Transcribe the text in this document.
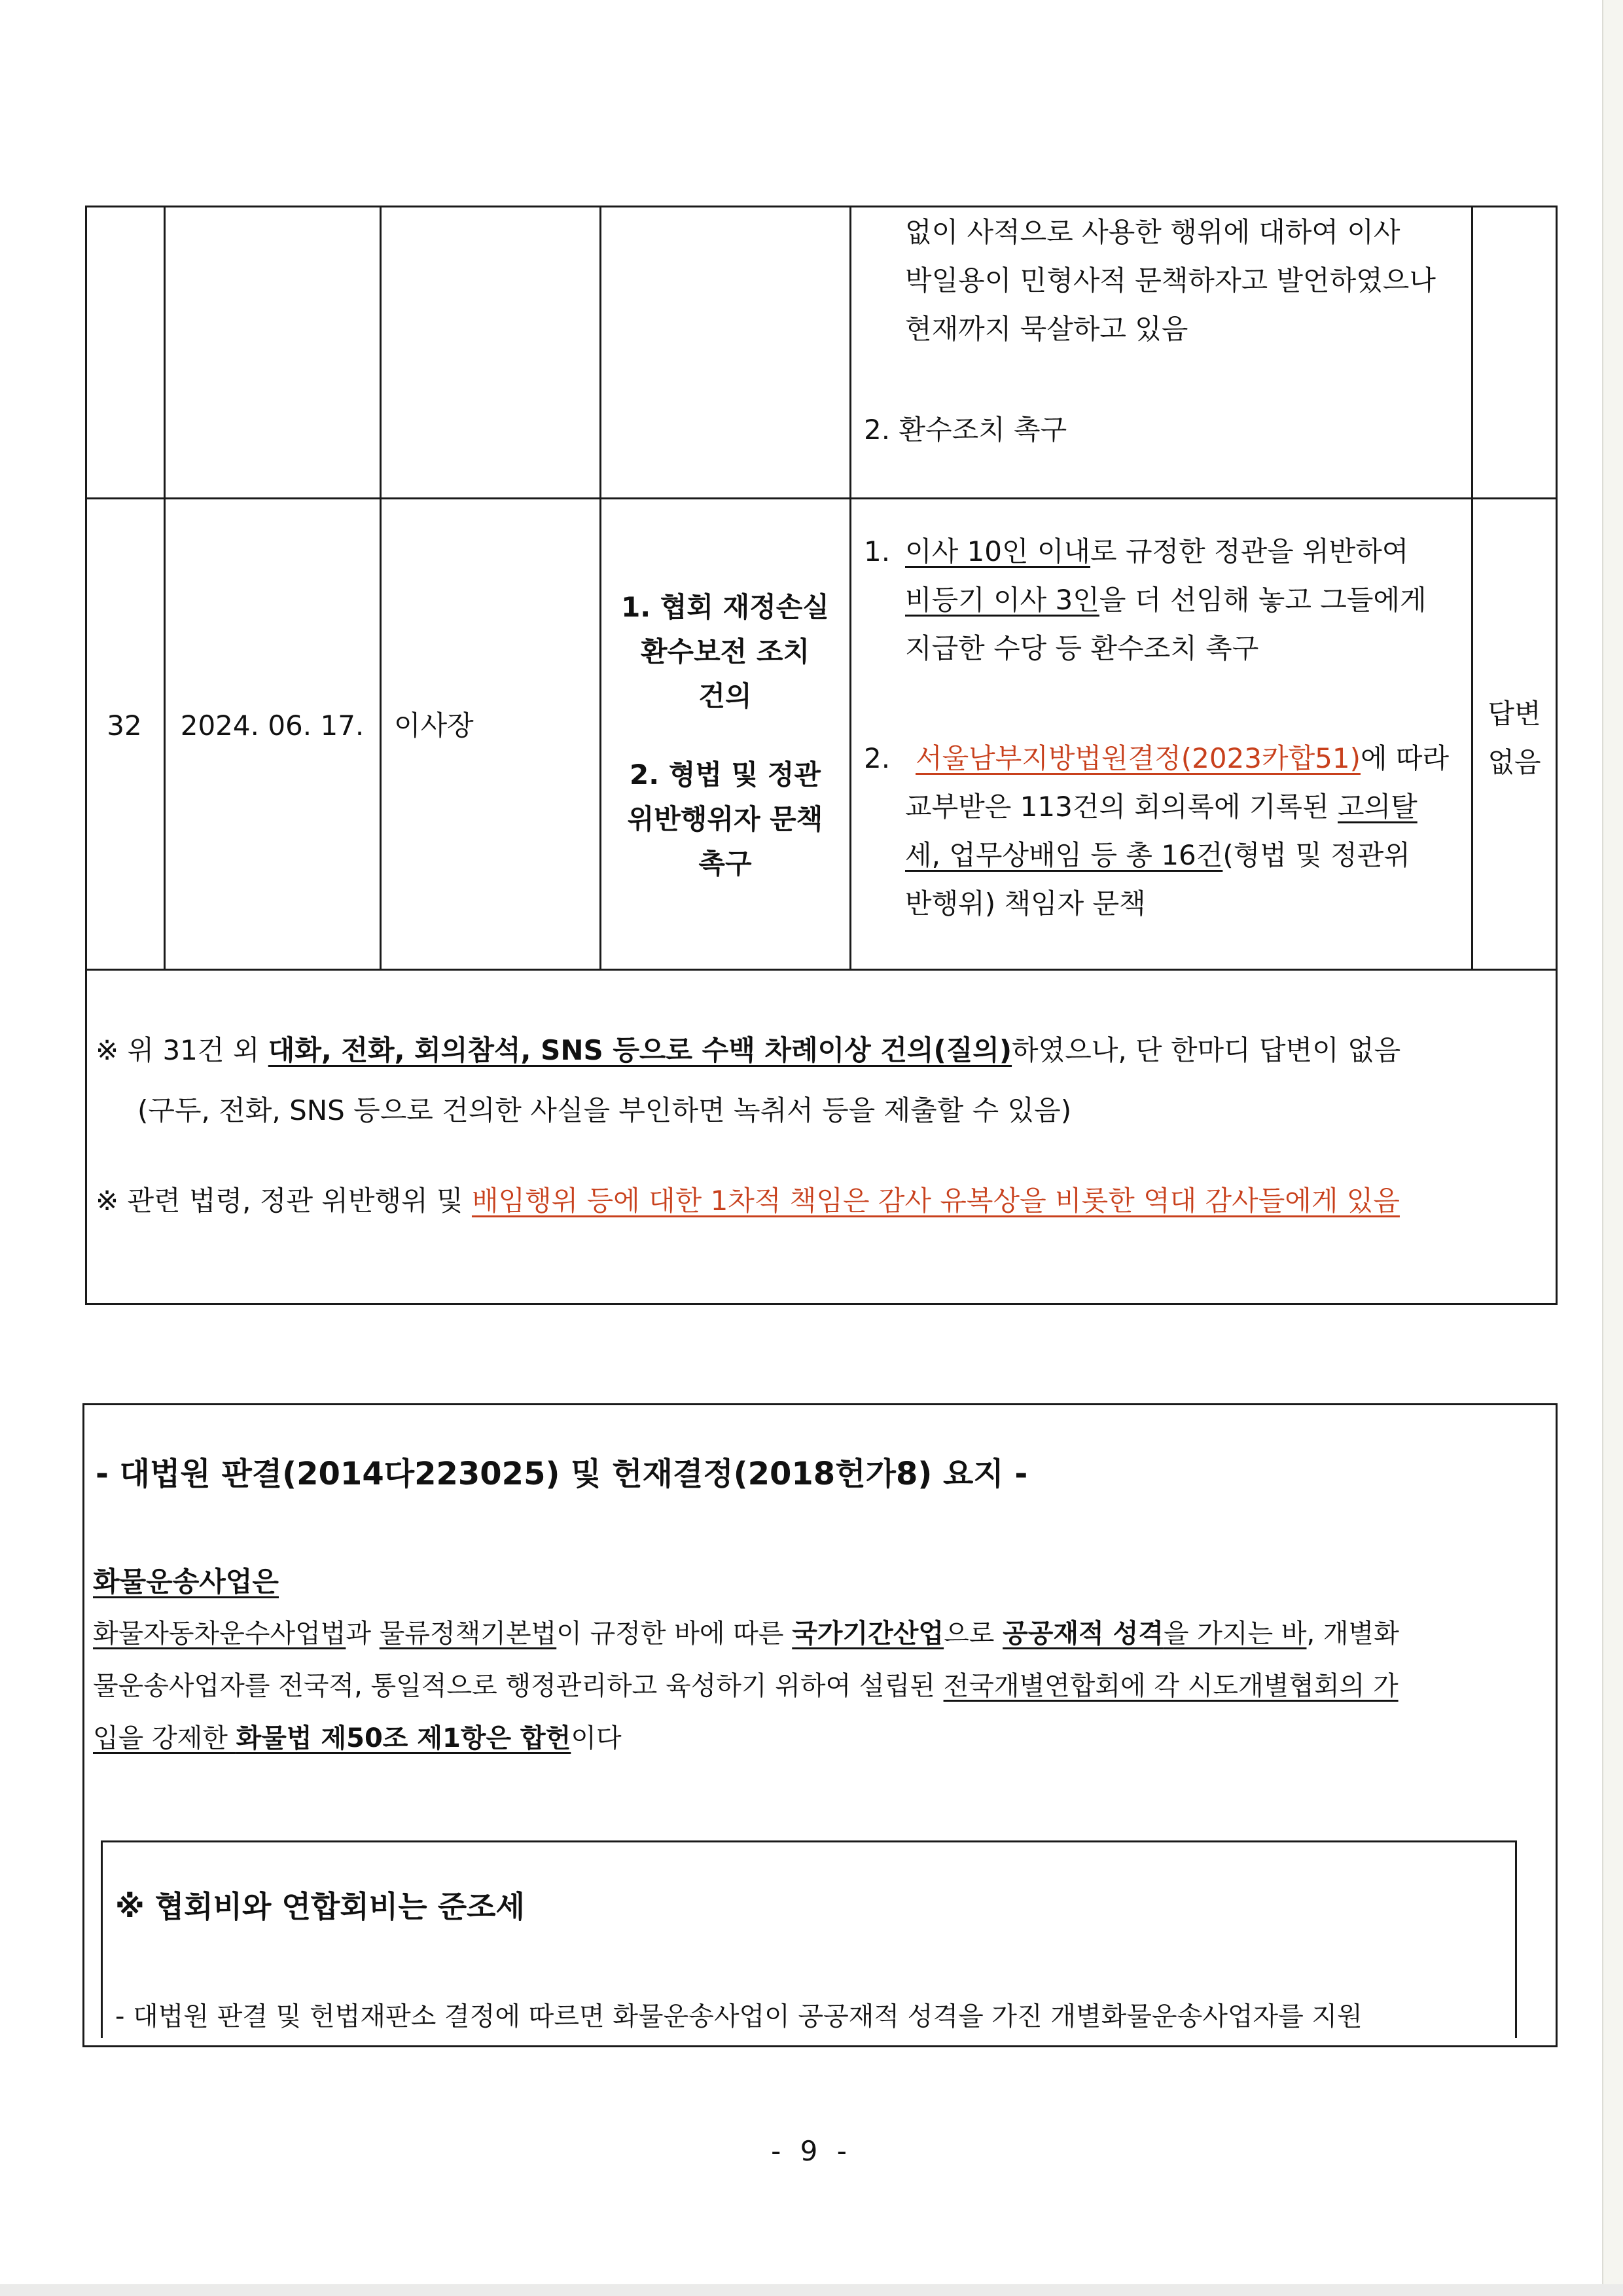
없이 사적으로 사용한 행위에 대하여 이사

박일용이 민형사적 문책하자고 발언하였으나

현재까지 묵살하고 있음

2. 환수조치 촉구
32	2024. 06. 17.	이사장

1. 협회 재정손실

환수보전 조치

건의

2. 형법 및 정관

위반행위자 문책

촉구

1. 이사 10인 이내로 규정한 정관을 위반하여

비등기 이사 3인을 더 선임해 놓고 그들에게

지급한 수당 등 환수조치 촉구

2. 서울남부지방법원결정(2023카합51)에 따라

교부받은 113건의 회의록에 기록된 고의탈

세, 업무상배임 등 총 16건(형법 및 정관위

반행위) 책임자 문책

답변

없음

※ 위 31건 외 대화, 전화, 회의참석, SNS 등으로 수백 차례이상 건의(질의)하였으나, 단 한마디 답변이 없음
(구두, 전화, SNS 등으로 건의한 사실을 부인하면 녹취서 등을 제출할 수 있음)
※ 관련 법령, 정관 위반행위 및 배임행위 등에 대한 1차적 책임은 감사 유복상을 비롯한 역대 감사들에게 있음
- 대법원 판결(2014다223025) 및 헌재결정(2018헌가8) 요지 -
화물운송사업은
화물자동차운수사업법과 물류정책기본법이 규정한 바에 따른 국가기간산업으로 공공재적 성격을 가지는 바, 개별화
물운송사업자를 전국적, 통일적으로 행정관리하고 육성하기 위하여 설립된 전국개별연합회에 각 시도개별협회의 가
입을 강제한 화물법 제50조 제1항은 합헌이다
※ 협회비와 연합회비는 준조세
- 대법원 판결 및 헌법재판소 결정에 따르면 화물운송사업이 공공재적 성격을 가진 개별화물운송사업자를 지원
- 9 -
